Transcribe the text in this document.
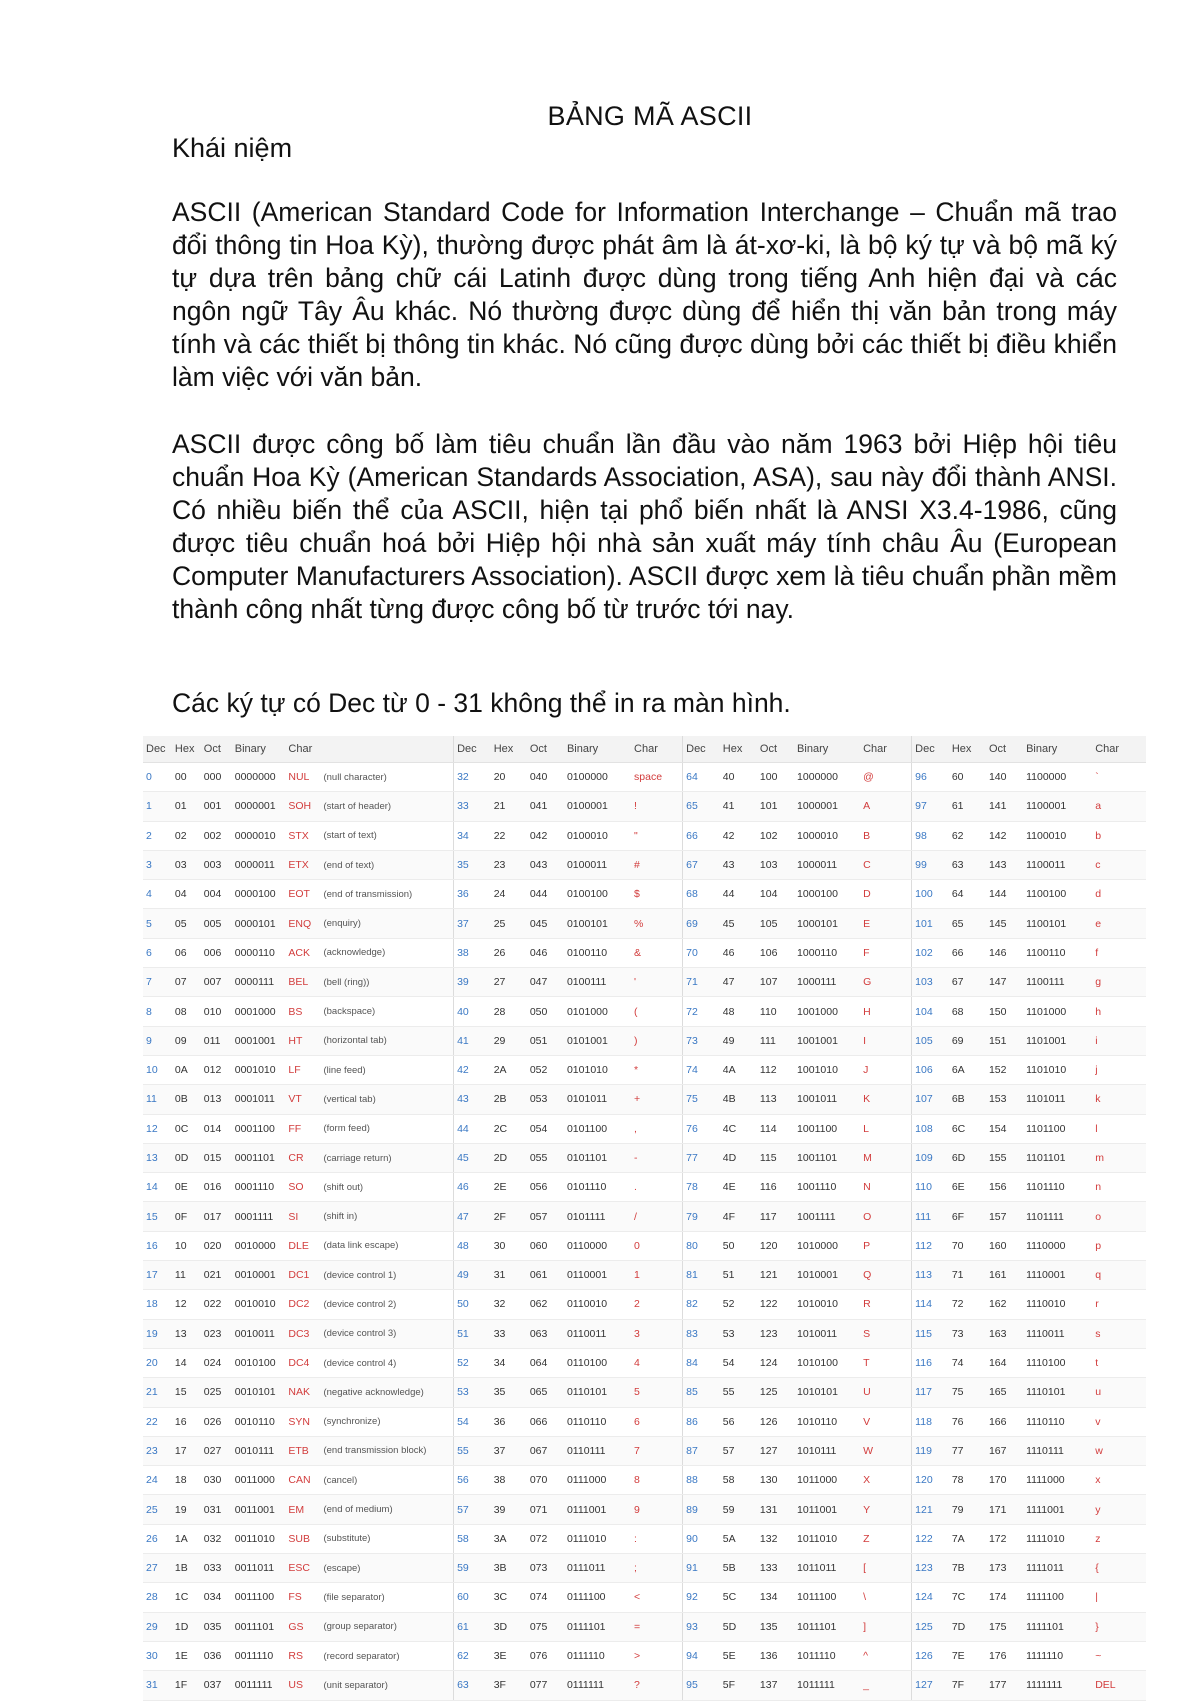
BẢNG MÃ ASCII
Khái niệm
ASCII (American Standard Code for Information Interchange – Chuẩn mã trao đổi thông tin Hoa Kỳ), thường được phát âm là át-xơ-ki, là bộ ký tự và bộ mã ký tự dựa trên bảng chữ cái Latinh được dùng trong tiếng Anh hiện đại và các ngôn ngữ Tây Âu khác. Nó thường được dùng để hiển thị văn bản trong máy tính và các thiết bị thông tin khác. Nó cũng được dùng bởi các thiết bị điều khiển làm việc với văn bản.
ASCII được công bố làm tiêu chuẩn lần đầu vào năm 1963 bởi Hiệp hội tiêu chuẩn Hoa Kỳ (American Standards Association, ASA), sau này đổi thành ANSI. Có nhiều biến thể của ASCII, hiện tại phổ biến nhất là ANSI X3.4-1986, cũng được tiêu chuẩn hoá bởi Hiệp hội nhà sản xuất máy tính châu Âu (European Computer Manufacturers Association). ASCII được xem là tiêu chuẩn phần mềm thành công nhất từng được công bố từ trước tới nay.
Các ký tự có Dec từ 0 - 31 không thể in ra màn hình.
Dec	Hex	Oct	Binary	Char		Dec	Hex	Oct	Binary	Char	Dec	Hex	Oct	Binary	Char	Dec	Hex	Oct	Binary	Char
0	00	000	0000000	NUL	(null character)	32	20	040	0100000	space	64	40	100	1000000	@	96	60	140	1100000	`
1	01	001	0000001	SOH	(start of header)	33	21	041	0100001	!	65	41	101	1000001	A	97	61	141	1100001	a
2	02	002	0000010	STX	(start of text)	34	22	042	0100010	"	66	42	102	1000010	B	98	62	142	1100010	b
3	03	003	0000011	ETX	(end of text)	35	23	043	0100011	#	67	43	103	1000011	C	99	63	143	1100011	c
4	04	004	0000100	EOT	(end of transmission)	36	24	044	0100100	$	68	44	104	1000100	D	100	64	144	1100100	d
5	05	005	0000101	ENQ	(enquiry)	37	25	045	0100101	%	69	45	105	1000101	E	101	65	145	1100101	e
6	06	006	0000110	ACK	(acknowledge)	38	26	046	0100110	&	70	46	106	1000110	F	102	66	146	1100110	f
7	07	007	0000111	BEL	(bell (ring))	39	27	047	0100111	'	71	47	107	1000111	G	103	67	147	1100111	g
8	08	010	0001000	BS	(backspace)	40	28	050	0101000	(	72	48	110	1001000	H	104	68	150	1101000	h
9	09	011	0001001	HT	(horizontal tab)	41	29	051	0101001	)	73	49	111	1001001	I	105	69	151	1101001	i
10	0A	012	0001010	LF	(line feed)	42	2A	052	0101010	*	74	4A	112	1001010	J	106	6A	152	1101010	j
11	0B	013	0001011	VT	(vertical tab)	43	2B	053	0101011	+	75	4B	113	1001011	K	107	6B	153	1101011	k
12	0C	014	0001100	FF	(form feed)	44	2C	054	0101100	,	76	4C	114	1001100	L	108	6C	154	1101100	l
13	0D	015	0001101	CR	(carriage return)	45	2D	055	0101101	-	77	4D	115	1001101	M	109	6D	155	1101101	m
14	0E	016	0001110	SO	(shift out)	46	2E	056	0101110	.	78	4E	116	1001110	N	110	6E	156	1101110	n
15	0F	017	0001111	SI	(shift in)	47	2F	057	0101111	/	79	4F	117	1001111	O	111	6F	157	1101111	o
16	10	020	0010000	DLE	(data link escape)	48	30	060	0110000	0	80	50	120	1010000	P	112	70	160	1110000	p
17	11	021	0010001	DC1	(device control 1)	49	31	061	0110001	1	81	51	121	1010001	Q	113	71	161	1110001	q
18	12	022	0010010	DC2	(device control 2)	50	32	062	0110010	2	82	52	122	1010010	R	114	72	162	1110010	r
19	13	023	0010011	DC3	(device control 3)	51	33	063	0110011	3	83	53	123	1010011	S	115	73	163	1110011	s
20	14	024	0010100	DC4	(device control 4)	52	34	064	0110100	4	84	54	124	1010100	T	116	74	164	1110100	t
21	15	025	0010101	NAK	(negative acknowledge)	53	35	065	0110101	5	85	55	125	1010101	U	117	75	165	1110101	u
22	16	026	0010110	SYN	(synchronize)	54	36	066	0110110	6	86	56	126	1010110	V	118	76	166	1110110	v
23	17	027	0010111	ETB	(end transmission block)	55	37	067	0110111	7	87	57	127	1010111	W	119	77	167	1110111	w
24	18	030	0011000	CAN	(cancel)	56	38	070	0111000	8	88	58	130	1011000	X	120	78	170	1111000	x
25	19	031	0011001	EM	(end of medium)	57	39	071	0111001	9	89	59	131	1011001	Y	121	79	171	1111001	y
26	1A	032	0011010	SUB	(substitute)	58	3A	072	0111010	:	90	5A	132	1011010	Z	122	7A	172	1111010	z
27	1B	033	0011011	ESC	(escape)	59	3B	073	0111011	;	91	5B	133	1011011	[	123	7B	173	1111011	{
28	1C	034	0011100	FS	(file separator)	60	3C	074	0111100	<	92	5C	134	1011100	\	124	7C	174	1111100	|
29	1D	035	0011101	GS	(group separator)	61	3D	075	0111101	=	93	5D	135	1011101	]	125	7D	175	1111101	}
30	1E	036	0011110	RS	(record separator)	62	3E	076	0111110	>	94	5E	136	1011110	^	126	7E	176	1111110	~
31	1F	037	0011111	US	(unit separator)	63	3F	077	0111111	?	95	5F	137	1011111	_	127	7F	177	1111111	DEL
